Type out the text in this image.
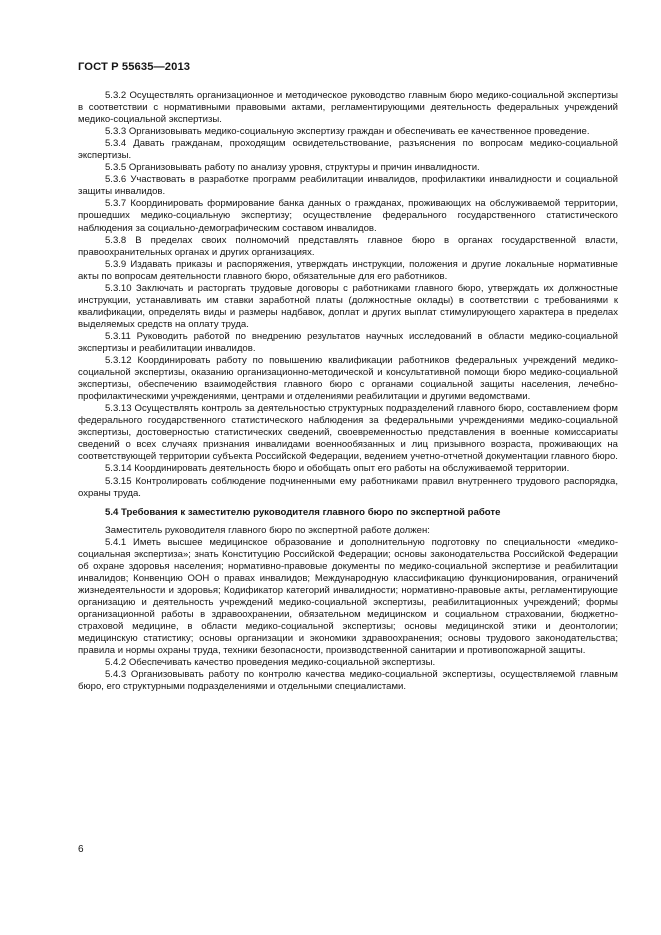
ГОСТ Р 55635—2013

5.3.2 Осуществлять организационное и методическое руководство главным бюро медико-социальной экспертизы в соответствии с нормативными правовыми актами, регламентирующими деятельность федеральных учреждений медико-социальной экспертизы.

5.3.3 Организовывать медико-социальную экспертизу граждан и обеспечивать ее качественное проведение.

5.3.4 Давать гражданам, проходящим освидетельствование, разъяснения по вопросам медико-социальной экспертизы.

5.3.5 Организовывать работу по анализу уровня, структуры и причин инвалидности.

5.3.6 Участвовать в разработке программ реабилитации инвалидов, профилактики инвалидности и социальной защиты инвалидов.

5.3.7 Координировать формирование банка данных о гражданах, проживающих на обслуживаемой территории, прошедших медико-социальную экспертизу; осуществление федерального государственного статистического наблюдения за социально-демографическим составом инвалидов.

5.3.8 В пределах своих полномочий представлять главное бюро в органах государственной власти, правоохранительных органах и других организациях.

5.3.9 Издавать приказы и распоряжения, утверждать инструкции, положения и другие локальные нормативные акты по вопросам деятельности главного бюро, обязательные для его работников.

5.3.10 Заключать и расторгать трудовые договоры с работниками главного бюро, утверждать их должностные инструкции, устанавливать им ставки заработной платы (должностные оклады) в соответствии с требованиями к квалификации, определять виды и размеры надбавок, доплат и других выплат стимулирующего характера в пределах выделяемых средств на оплату труда.

5.3.11 Руководить работой по внедрению результатов научных исследований в области медико-социальной экспертизы и реабилитации инвалидов.

5.3.12 Координировать работу по повышению квалификации работников федеральных учреждений медико-социальной экспертизы, оказанию организационно-методической и консультативной помощи бюро медико-социальной экспертизы, обеспечению взаимодействия главного бюро с органами социальной защиты населения, лечебно-профилактическими учреждениями, центрами и отделениями реабилитации и другими ведомствами.

5.3.13 Осуществлять контроль за деятельностью структурных подразделений главного бюро, составлением форм федерального государственного статистического наблюдения за федеральными учреждениями медико-социальной экспертизы, достоверностью статистических сведений, своевременностью представления в военные комиссариаты сведений о всех случаях признания инвалидами военнообязанных и лиц призывного возраста, проживающих на соответствующей территории субъекта Российской Федерации, ведением учетно-отчетной документации главного бюро.

5.3.14 Координировать деятельность бюро и обобщать опыт его работы на обслуживаемой территории.

5.3.15 Контролировать соблюдение подчиненными ему работниками правил внутреннего трудового распорядка, охраны труда.

5.4 Требования к заместителю руководителя главного бюро по экспертной работе

Заместитель руководителя главного бюро по экспертной работе должен:

5.4.1 Иметь высшее медицинское образование и дополнительную подготовку по специальности «медико-социальная экспертиза»; знать Конституцию Российской Федерации; основы законодательства Российской Федерации об охране здоровья населения; нормативно-правовые документы по медико-социальной экспертизе и реабилитации инвалидов; Конвенцию ООН о правах инвалидов; Международную классификацию функционирования, ограничений жизнедеятельности и здоровья; Кодификатор категорий инвалидности; нормативно-правовые акты, регламентирующие организацию и деятельность учреждений медико-социальной экспертизы, реабилитационных учреждений; формы организационной работы в здравоохранении, обязательном медицинском и социальном страховании, бюджетно-страховой медицине, в области медико-социальной экспертизы; основы медицинской этики и деонтологии; медицинскую статистику; основы организации и экономики здравоохранения; основы трудового законодательства; правила и нормы охраны труда, техники безопасности, производственной санитарии и противопожарной защиты.

5.4.2 Обеспечивать качество проведения медико-социальной экспертизы.

5.4.3 Организовывать работу по контролю качества медико-социальной экспертизы, осуществляемой главным бюро, его структурными подразделениями и отдельными специалистами.

6
